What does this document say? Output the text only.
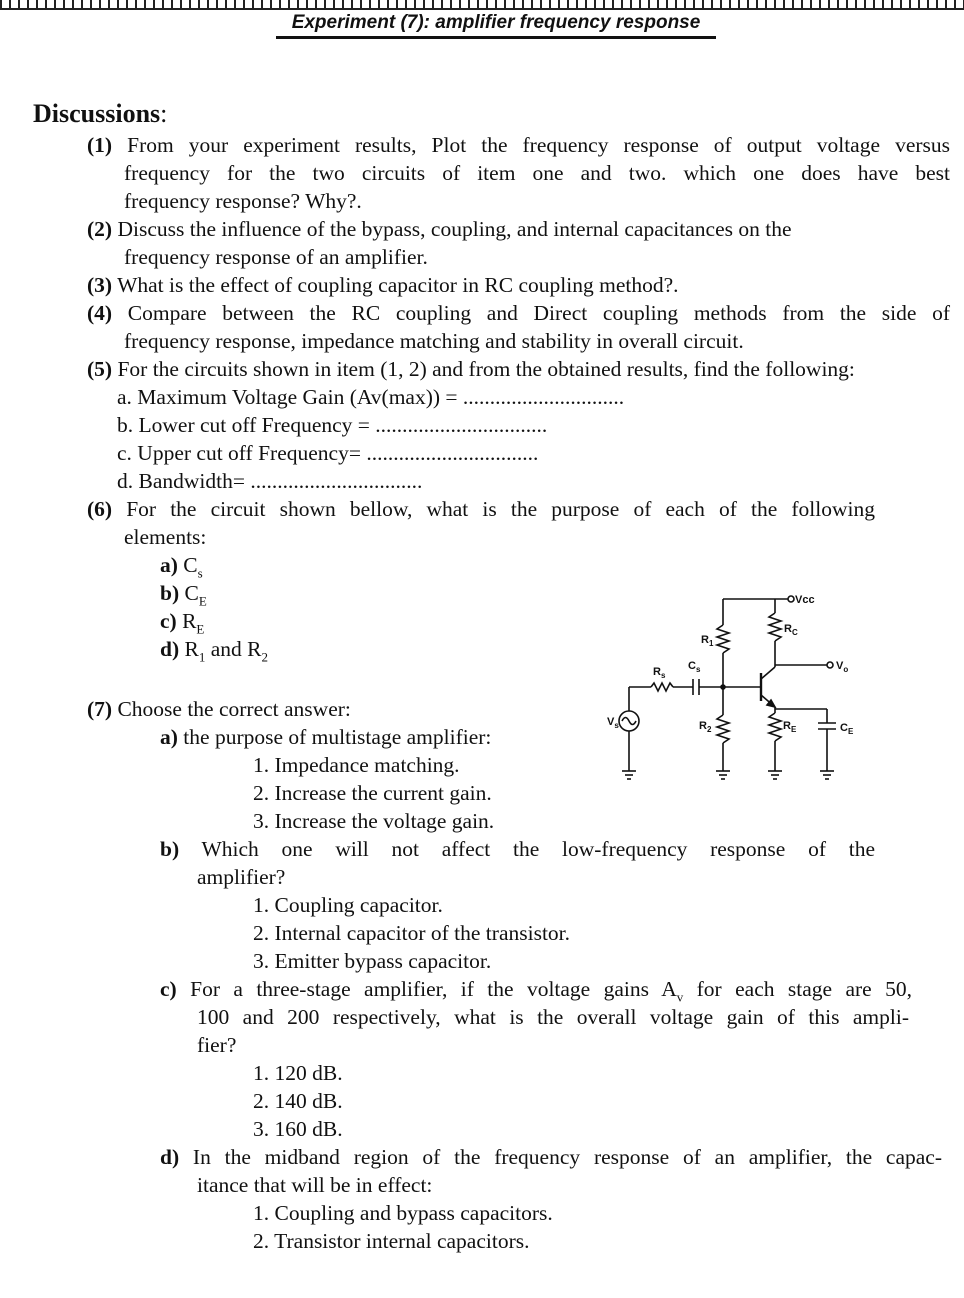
Experiment (7): amplifier frequency response
Discussions:
(1) From your experiment results, Plot the frequency response of output voltage versus
frequency for the two circuits of item one and two. which one does have best
frequency response? Why?.
(2) Discuss the influence of the bypass, coupling, and internal capacitances on the
frequency response of an amplifier.
(3) What is the effect of coupling capacitor in RC coupling method?.
(4) Compare between the RC coupling and Direct coupling methods from the side of
frequency response, impedance matching and stability in overall circuit.
(5) For the circuits shown in item (1, 2) and from the obtained results, find the following:
a. Maximum Voltage Gain (Av(max)) = ..............................
b. Lower cut off Frequency = ................................
c. Upper cut off Frequency= ................................
d. Bandwidth= ................................
(6) For the circuit shown bellow, what is the purpose of each of the following
elements:
a) $C_s$
b) $C_E$
c) $R_E$
d) $R_1$ and $R_2$
Vcc
$R_1$
$R_C$
$V_o$
$R_s$
$C_s$
$V_s$	$R_2$	$R_E$	$C_E$
(7) Choose the correct answer:
a) the purpose of multistage amplifier:
1. Impedance matching.
2. Increase the current gain.
3. Increase the voltage gain.
b) Which one will not affect the low-frequency response of the
amplifier?
1. Coupling capacitor.
2. Internal capacitor of the transistor.
3. Emitter bypass capacitor.
c) For a three-stage amplifier, if the voltage gains $A_v$ for each stage are 50,
100 and 200 respectively, what is the overall voltage gain of this ampli-
fier?
1. 120 dB.
2. 140 dB.
3. 160 dB.
d) In the midband region of the frequency response of an amplifier, the capac-
itance that will be in effect:
1. Coupling and bypass capacitors.
2. Transistor internal capacitors.
